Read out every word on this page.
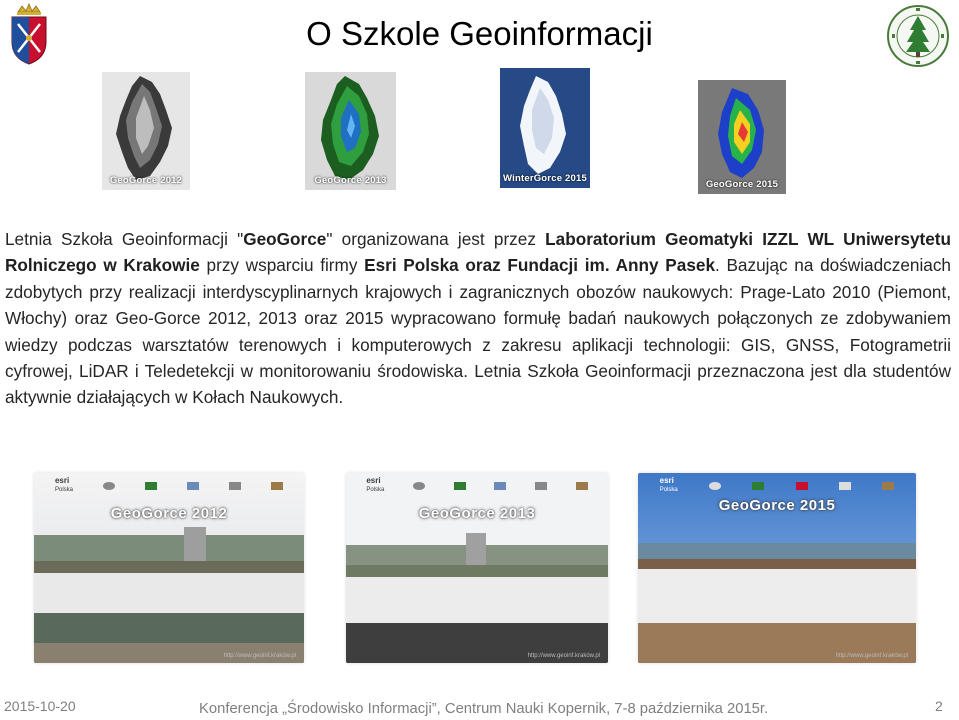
O Szkole Geoinformacji
GeoGorce 2012	GeoGorce 2013	WinterGorce 2015
GeoGorce 2015
Letnia Szkoła Geoinformacji "GeoGorce" organizowana jest przez Laboratorium Geomatyki IZZL WL Uniwersytetu Rolniczego w Krakowie przy wsparciu firmy Esri Polska oraz Fundacji im. Anny Pasek. Bazując na doświadczeniach zdobytych przy realizacji interdyscyplinarnych krajowych i zagranicznych obozów naukowych: Prage-Lato 2010 (Piemont, Włochy) oraz Geo-Gorce 2012, 2013 oraz 2015 wypracowano formułę badań naukowych połączonych ze zdobywaniem wiedzy podczas warsztatów terenowych i komputerowych z zakresu aplikacji technologii: GIS, GNSS, Fotogrametrii cyfrowej, LiDAR i Teledetekcji w monitorowaniu środowiska. Letnia Szkoła Geoinformacji przeznaczona jest dla studentów aktywnie działających w Kołach Naukowych.
esri
Polska
GeoGorce 2012
http://www.geoinf.kraków.pl
esri
Polska
GeoGorce 2013
http://www.geoinf.kraków.pl
esri
Polska
GeoGorce 2015
http://www.geoinf.kraków.pl
2015-10-20	Konferencja „Środowisko Informacji”, Centrum Nauki Kopernik, 7-8 października 2015r.	2
